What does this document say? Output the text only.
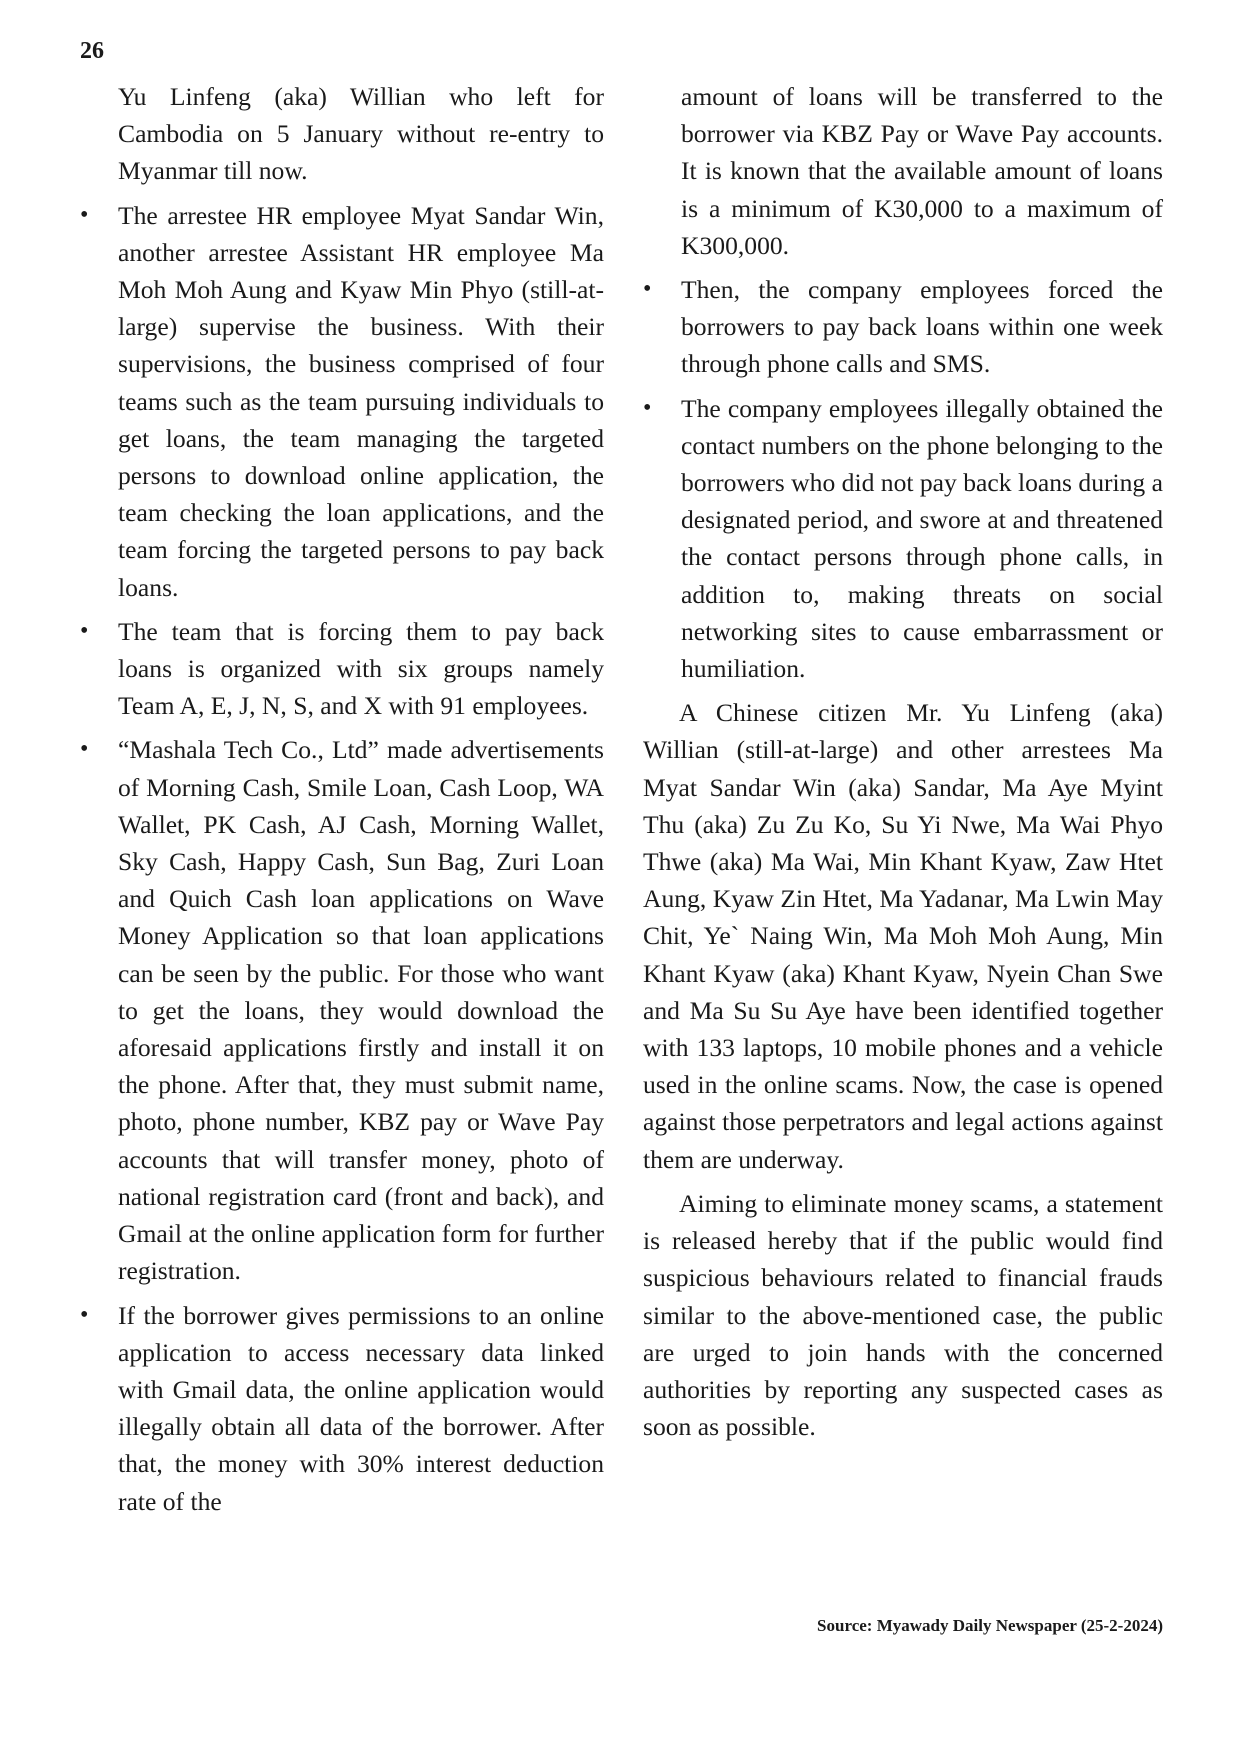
26

Yu Linfeng (aka) Willian who left for Cambodia on 5 January without re-entry to Myanmar till now.

• The arrestee HR employee Myat Sandar Win, another arrestee Assistant HR employee Ma Moh Moh Aung and Kyaw Min Phyo (still-at-large) supervise the business. With their supervisions, the business comprised of four teams such as the team pursuing individuals to get loans, the team managing the targeted persons to download online application, the team checking the loan applications, and the team forcing the targeted persons to pay back loans.
• The team that is forcing them to pay back loans is organized with six groups namely Team A, E, J, N, S, and X with 91 employees.
• “Mashala Tech Co., Ltd” made advertisements of Morning Cash, Smile Loan, Cash Loop, WA Wallet, PK Cash, AJ Cash, Morning Wallet, Sky Cash, Happy Cash, Sun Bag, Zuri Loan and Quich Cash loan applications on Wave Money Application so that loan applications can be seen by the public. For those who want to get the loans, they would download the aforesaid applications firstly and install it on the phone. After that, they must submit name, photo, phone number, KBZ pay or Wave Pay accounts that will transfer money, photo of national registration card (front and back), and Gmail at the online application form for further registration.
• If the borrower gives permissions to an online application to access necessary data linked with Gmail data, the online application would illegally obtain all data of the borrower. After that, the money with 30% interest deduction rate of the

amount of loans will be transferred to the borrower via KBZ Pay or Wave Pay accounts. It is known that the available amount of loans is a minimum of K30,000 to a maximum of K300,000.

• Then, the company employees forced the borrowers to pay back loans within one week through phone calls and SMS.
• The company employees illegally obtained the contact numbers on the phone belonging to the borrowers who did not pay back loans during a designated period, and swore at and threatened the contact persons through phone calls, in addition to, making threats on social networking sites to cause embarrassment or humiliation.

A Chinese citizen Mr. Yu Linfeng (aka) Willian (still-at-large) and other arrestees Ma Myat Sandar Win (aka) Sandar, Ma Aye Myint Thu (aka) Zu Zu Ko, Su Yi Nwe, Ma Wai Phyo Thwe (aka) Ma Wai, Min Khant Kyaw, Zaw Htet Aung, Kyaw Zin Htet, Ma Yadanar, Ma Lwin May Chit, Ye` Naing Win, Ma Moh Moh Aung, Min Khant Kyaw (aka) Khant Kyaw, Nyein Chan Swe and Ma Su Su Aye have been identified together with 133 laptops, 10 mobile phones and a vehicle used in the online scams. Now, the case is opened against those perpetrators and legal actions against them are underway.

Aiming to eliminate money scams, a statement is released hereby that if the public would find suspicious behaviours related to financial frauds similar to the above-mentioned case, the public are urged to join hands with the concerned authorities by reporting any suspected cases as soon as possible.

Source: Myawady Daily Newspaper (25-2-2024)
